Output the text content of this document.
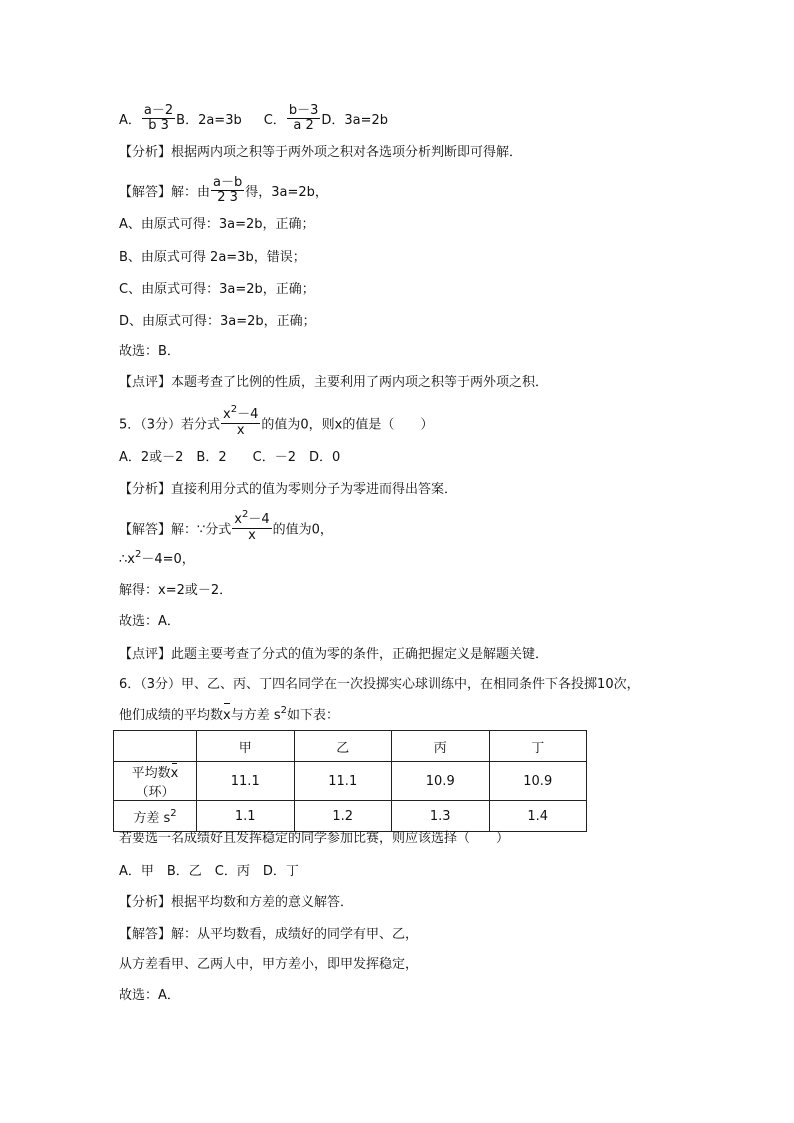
A． $\frac{a-2}{b 3}$ B．2a=3b C． $\frac{b-3}{a 2}$ D．3a=2b
【分析】根据两内项之积等于两外项之积对各选项分析判断即可得解．
【解答】解：由 $\frac{a-b}{2 3}$ 得，3a=2b，
A、由原式可得：3a=2b，正确；
B、由原式可得 2a=3b，错误；
C、由原式可得：3a=2b，正确；
D、由原式可得：3a=2b，正确；
故选：B．
【点评】本题考查了比例的性质，主要利用了两内项之积等于两外项之积．
5．（3分）若分式 $\frac{x^2-4}{x}$ 的值为0，则x的值是（　　）
A．2或－2　B．2　　C．－2　D．0
【分析】直接利用分式的值为零则分子为零进而得出答案．
【解答】解：∵分式 $\frac{x^2-4}{x}$ 的值为0，
$\therefore x^2-4=0$，
解得：x=2或－2．
故选：A．
【点评】此题主要考查了分式的值为零的条件，正确把握定义是解题关键．
6．（3分）甲、乙、丙、丁四名同学在一次投掷实心球训练中，在相同条件下各投掷10次，
他们成绩的平均数x与方差 $s^2$如下表：
	甲	乙	丙	丁
平均数x（环）	11.1	11.1	10.9	10.9
方差 $s^2$	1.1	1.2	1.3	1.4
若要选一名成绩好且发挥稳定的同学参加比赛，则应该选择（　　）
A．甲　B．乙　C．丙　D．丁
【分析】根据平均数和方差的意义解答．
【解答】解：从平均数看，成绩好的同学有甲、乙，
从方差看甲、乙两人中，甲方差小，即甲发挥稳定，
故选：A．
